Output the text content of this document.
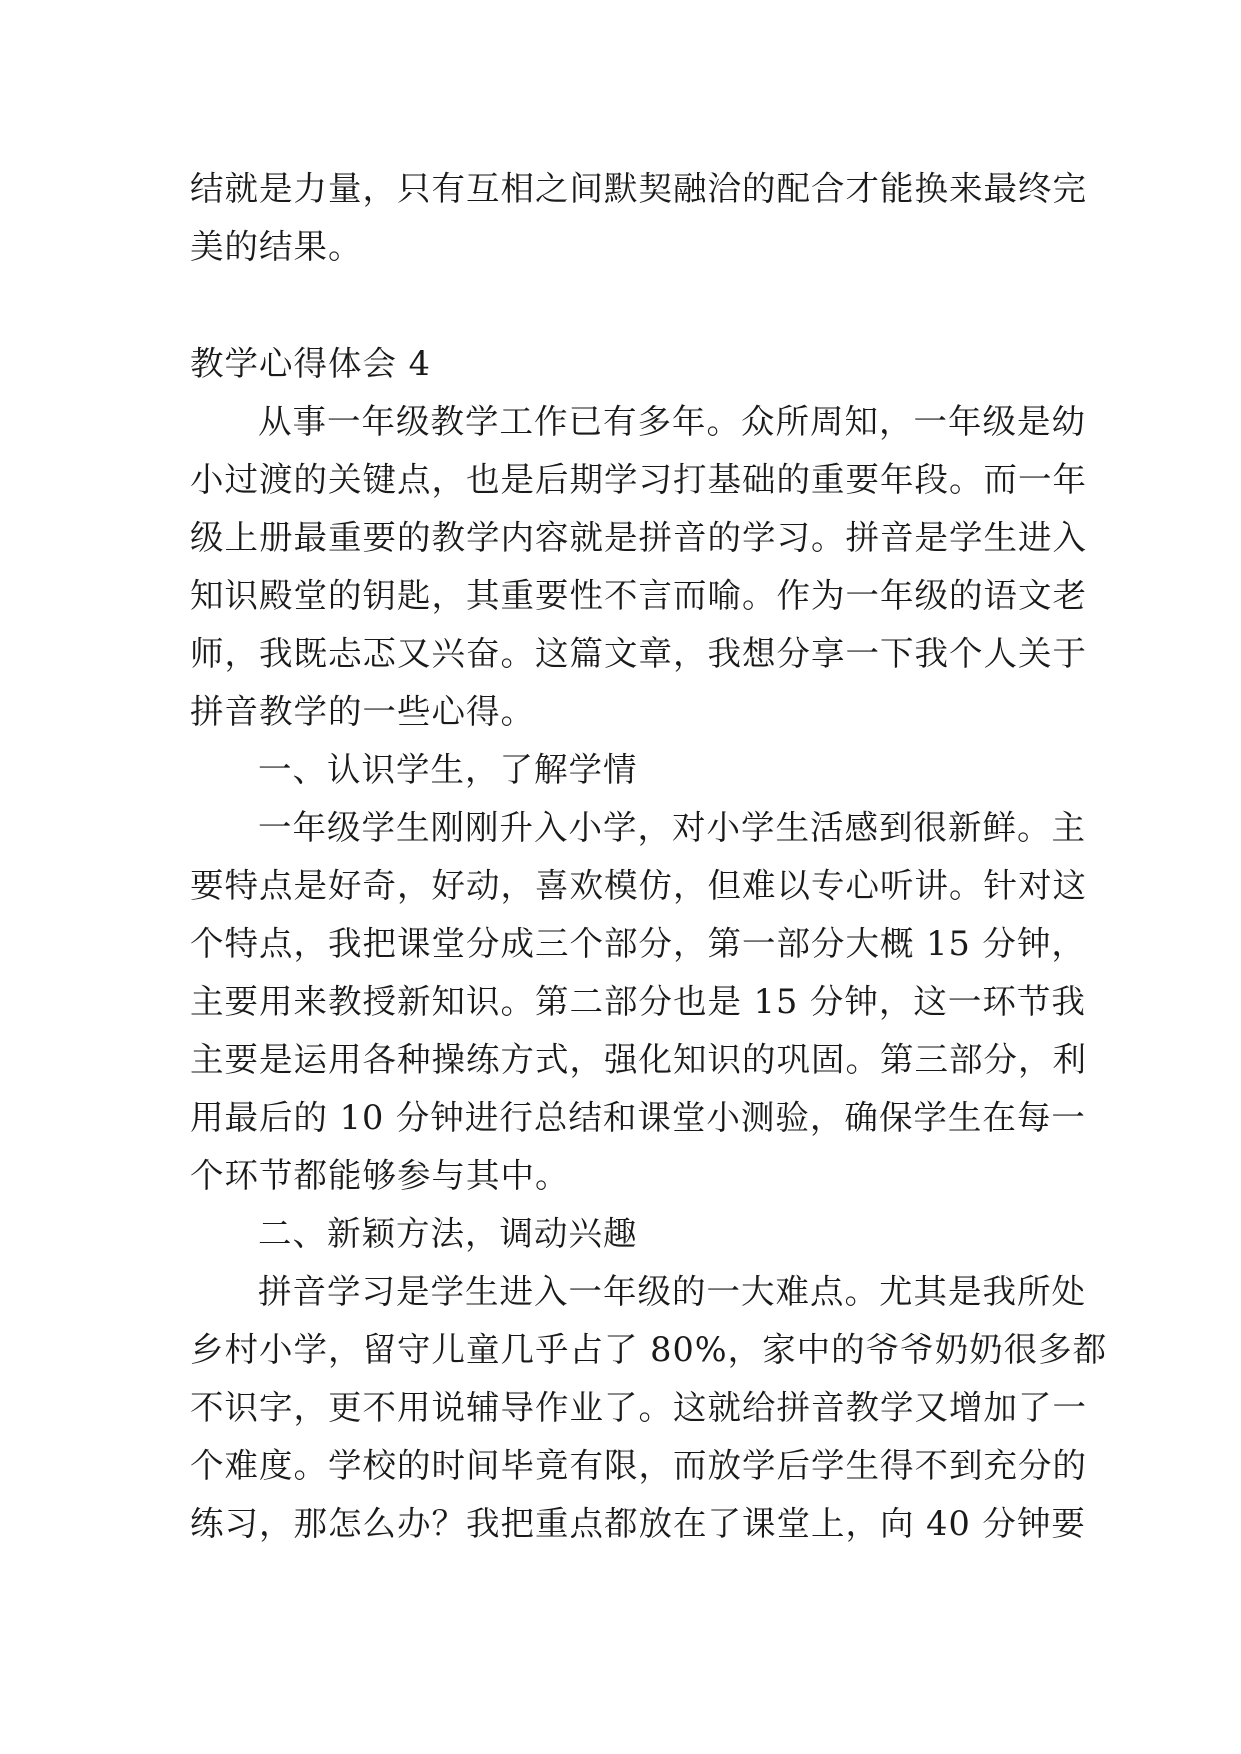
结就是力量，只有互相之间默契融洽的配合才能换来最终完
美的结果。
教学心得体会 4
从事一年级教学工作已有多年。众所周知，一年级是幼
小过渡的关键点，也是后期学习打基础的重要年段。而一年
级上册最重要的教学内容就是拼音的学习。拼音是学生进入
知识殿堂的钥匙，其重要性不言而喻。作为一年级的语文老
师，我既忐忑又兴奋。这篇文章，我想分享一下我个人关于
拼音教学的一些心得。
一、认识学生，了解学情
一年级学生刚刚升入小学，对小学生活感到很新鲜。主
要特点是好奇，好动，喜欢模仿，但难以专心听讲。针对这
个特点，我把课堂分成三个部分，第一部分大概 15 分钟，
主要用来教授新知识。第二部分也是 15 分钟，这一环节我
主要是运用各种操练方式，强化知识的巩固。第三部分，利
用最后的 10 分钟进行总结和课堂小测验，确保学生在每一
个环节都能够参与其中。
二、新颖方法，调动兴趣
拼音学习是学生进入一年级的一大难点。尤其是我所处
乡村小学，留守儿童几乎占了 80%，家中的爷爷奶奶很多都
不识字，更不用说辅导作业了。这就给拼音教学又增加了一
个难度。学校的时间毕竟有限，而放学后学生得不到充分的
练习，那怎么办？我把重点都放在了课堂上，向 40 分钟要
